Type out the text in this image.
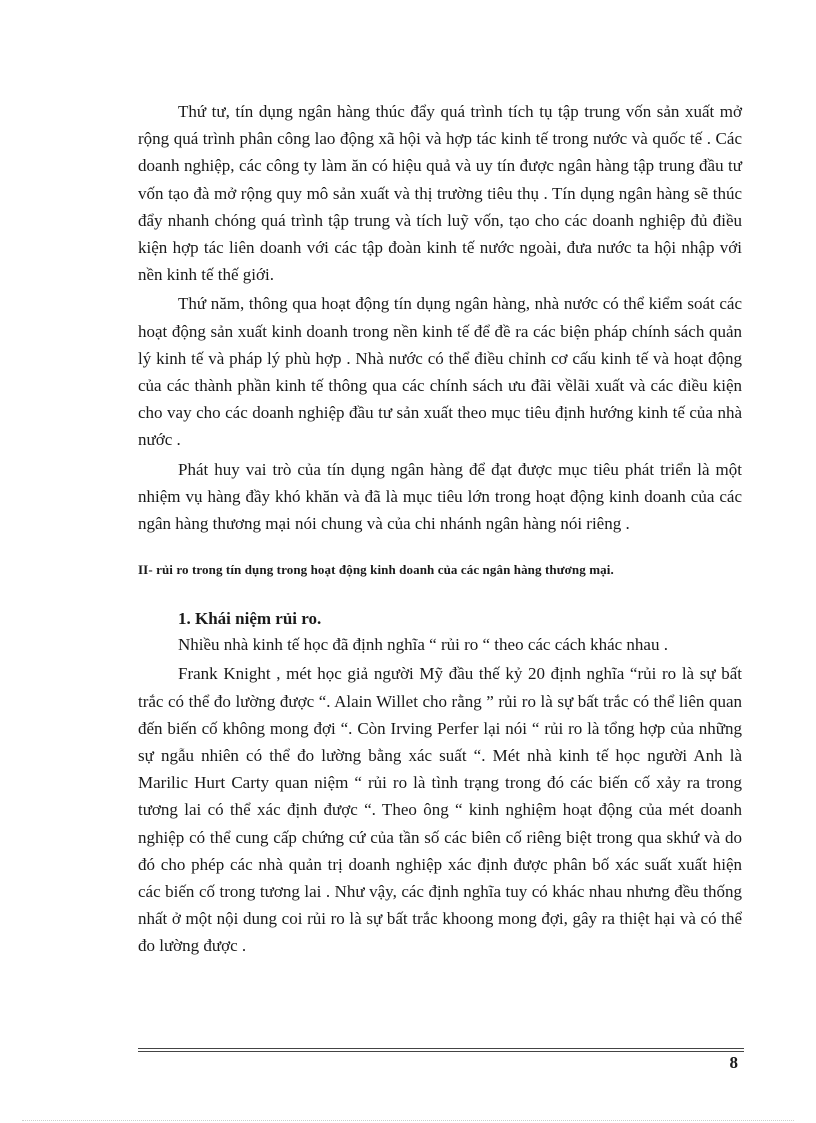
Thứ tư, tín dụng ngân hàng thúc đẩy quá trình tích tụ tập trung vốn sản xuất mở rộng quá trình phân công lao động xã hội và hợp tác kinh tế trong nước và quốc tế . Các doanh nghiệp, các công ty làm ăn có hiệu quả và uy tín được ngân hàng tập trung đầu tư vốn tạo đà mở rộng quy mô sản xuất và thị trường tiêu thụ . Tín dụng ngân hàng sẽ thúc đẩy nhanh chóng quá trình tập trung và tích luỹ vốn, tạo cho các doanh nghiệp đủ điều kiện hợp tác liên doanh với các tập đoàn kinh tế nước ngoài, đưa nước ta hội nhập với nền kinh tế thế giới.

Thứ năm, thông qua hoạt động tín dụng ngân hàng, nhà nước có thể kiểm soát các hoạt động sản xuất kinh doanh trong nền kinh tế để đề ra các biện pháp chính sách quản lý kinh tế và pháp lý phù hợp . Nhà nước có thể điều chỉnh cơ cấu kinh tế và hoạt động của các thành phần kinh tế thông qua các chính sách ưu đãi vềlãi xuất và các điều kiện cho vay cho các doanh nghiệp đầu tư sản xuất theo mục tiêu định hướng kinh tế của nhà nước .

Phát huy vai trò của tín dụng ngân hàng để đạt được mục tiêu phát triển là một nhiệm vụ hàng đầy khó khăn và đã là mục tiêu lớn trong hoạt động kinh doanh của các ngân hàng thương mại nói chung và của chi nhánh ngân hàng nói riêng .

II- rủi ro trong tín dụng trong hoạt động kinh doanh của các ngân hàng thương mại.
1. Khái niệm rủi ro.

Nhiều nhà kinh tế học đã định nghĩa “ rủi ro “ theo các cách khác nhau .

Frank Knight , mét học giả người Mỹ đầu thế kỷ 20 định nghĩa “rủi ro là sự bất trắc có thể đo lường được “. Alain Willet cho rằng ” rủi ro là sự bất trắc có thể liên quan đến biến cố không mong đợi “. Còn Irving Perfer lại nói “ rủi ro là tổng hợp của những sự ngẫu nhiên có thể đo lường bằng xác suất “. Mét nhà kinh tế học người Anh là Marilic Hurt Carty quan niệm “ rủi ro là tình trạng trong đó các biến cố xảy ra trong tương lai có thể xác định được “. Theo ông “ kinh nghiệm hoạt động của mét doanh nghiệp có thể cung cấp chứng cứ của tần số các biên cố riêng biệt trong qua skhứ và do đó cho phép các nhà quản trị doanh nghiệp xác định được phân bố xác suất xuất hiện các biến cố trong tương lai . Như vậy, các định nghĩa tuy có khác nhau nhưng đều thống nhất ở một nội dung coi rủi ro là sự bất trắc khoong mong đợi, gây ra thiệt hại và có thể đo lường được .

8
